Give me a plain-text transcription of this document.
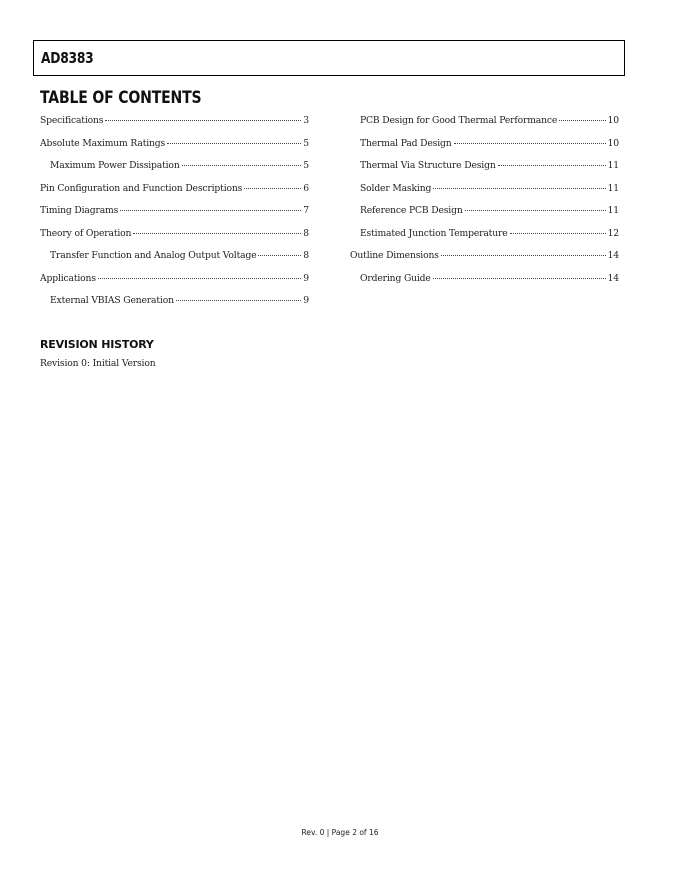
AD8383
TABLE OF CONTENTS
Specifications	3
Absolute Maximum Ratings	5
Maximum Power Dissipation	5
Pin Configuration and Function Descriptions	6
Timing Diagrams	7
Theory of Operation	8
Transfer Function and Analog Output Voltage	8
Applications	9
External VBIAS Generation	9
PCB Design for Good Thermal Performance	10
Thermal Pad Design	10
Thermal Via Structure Design	11
Solder Masking	11
Reference PCB Design	11
Estimated Junction Temperature	12
Outline Dimensions	14
Ordering Guide	14
REVISION HISTORY
Revision 0: Initial Version
Rev. 0 | Page 2 of 16
